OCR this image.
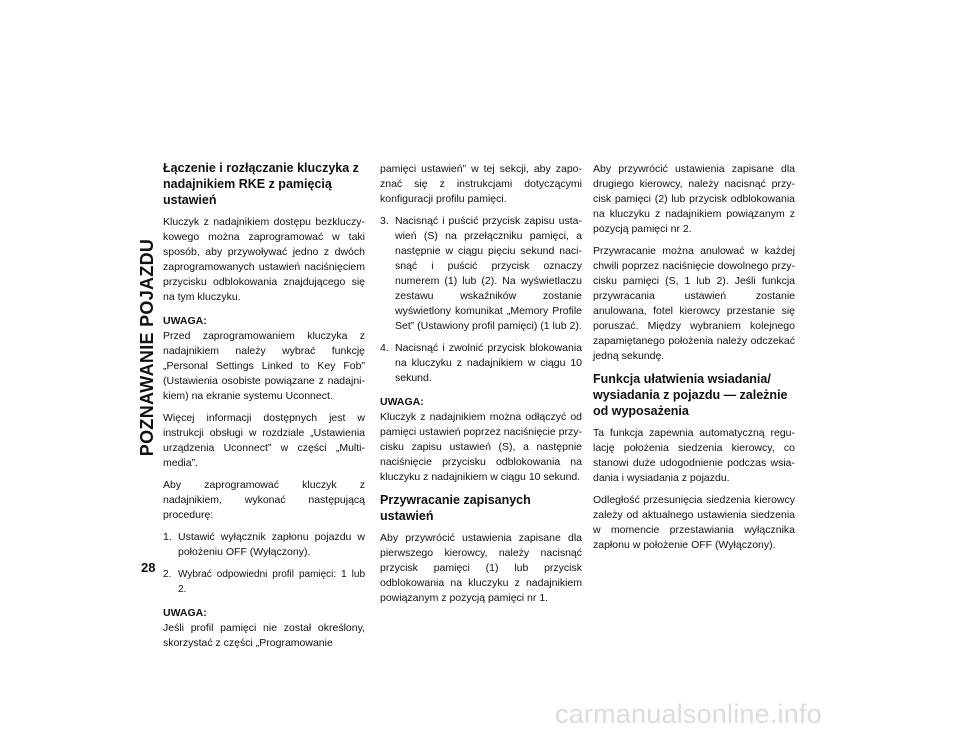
POZNAWANIE POJAZDU
28
Łączenie i rozłączanie kluczyka z nadajnikiem RKE z pamięcią ustawień

Kluczyk z nadajnikiem dostępu bezkluczykowego można zaprogramować w taki sposób, aby przywoływać jedno z dwóch zaprogramowanych ustawień naciśnięciem przycisku odblokowania znajdującego się na tym kluczyku.

UWAGA:

Przed zaprogramowaniem kluczyka z nadajnikiem należy wybrać funkcję „Personal Settings Linked to Key Fob” (Ustawienia osobiste powiązane z nadajnikiem) na ekranie systemu Uconnect.

Więcej informacji dostępnych jest w instrukcji obsługi w rozdziale „Ustawienia urządzenia Uconnect” w części „Multimedia”.

Aby zaprogramować kluczyk z nadajnikiem, wykonać następującą procedurę:

1. Ustawić wyłącznik zapłonu pojazdu w położeniu OFF (Wyłączony).
2. Wybrać odpowiedni profil pamięci: 1 lub 2.
UWAGA:

Jeśli profil pamięci nie został określony, skorzystać z części „Programowanie

pamięci ustawień” w tej sekcji, aby zapoznać się z instrukcjami dotyczącymi konfiguracji profilu pamięci.

3. Nacisnąć i puścić przycisk zapisu ustawień (S) na przełączniku pamięci, a następnie w ciągu pięciu sekund nacisnąć i puścić przycisk oznaczy numerem (1) lub (2). Na wyświetlaczu zestawu wskaźników zostanie wyświetlony komunikat „Memory Profile Set” (Ustawiony profil pamięci) (1 lub 2).
4. Nacisnąć i zwolnić przycisk blokowania na kluczyku z nadajnikiem w ciągu 10 sekund.
UWAGA:

Kluczyk z nadajnikiem można odłączyć od pamięci ustawień poprzez naciśnięcie przycisku zapisu ustawień (S), a następnie naciśnięcie przycisku odblokowania na kluczyku z nadajnikiem w ciągu 10 sekund.

Przywracanie zapisanych ustawień

Aby przywrócić ustawienia zapisane dla pierwszego kierowcy, należy nacisnąć przycisk pamięci (1) lub przycisk odblokowania na kluczyku z nadajnikiem powiązanym z pozycją pamięci nr 1.

Aby przywrócić ustawienia zapisane dla drugiego kierowcy, należy nacisnąć przycisk pamięci (2) lub przycisk odblokowania na kluczyku z nadajnikiem powiązanym z pozycją pamięci nr 2.

Przywracanie można anulować w każdej chwili poprzez naciśnięcie dowolnego przycisku pamięci (S, 1 lub 2). Jeśli funkcja przywracania ustawień zostanie anulowana, fotel kierowcy przestanie się poruszać. Między wybraniem kolejnego zapamiętanego położenia należy odczekać jedną sekundę.

Funkcja ułatwienia wsiadania/ wysiadania z pojazdu — zależnie od wyposażenia

Ta funkcja zapewnia automatyczną regulację położenia siedzenia kierowcy, co stanowi duże udogodnienie podczas wsiadania i wysiadania z pojazdu.

Odległość przesunięcia siedzenia kierowcy zależy od aktualnego ustawienia siedzenia w momencie przestawiania wyłącznika zapłonu w położenie OFF (Wyłączony).

carmanualsonline.info
